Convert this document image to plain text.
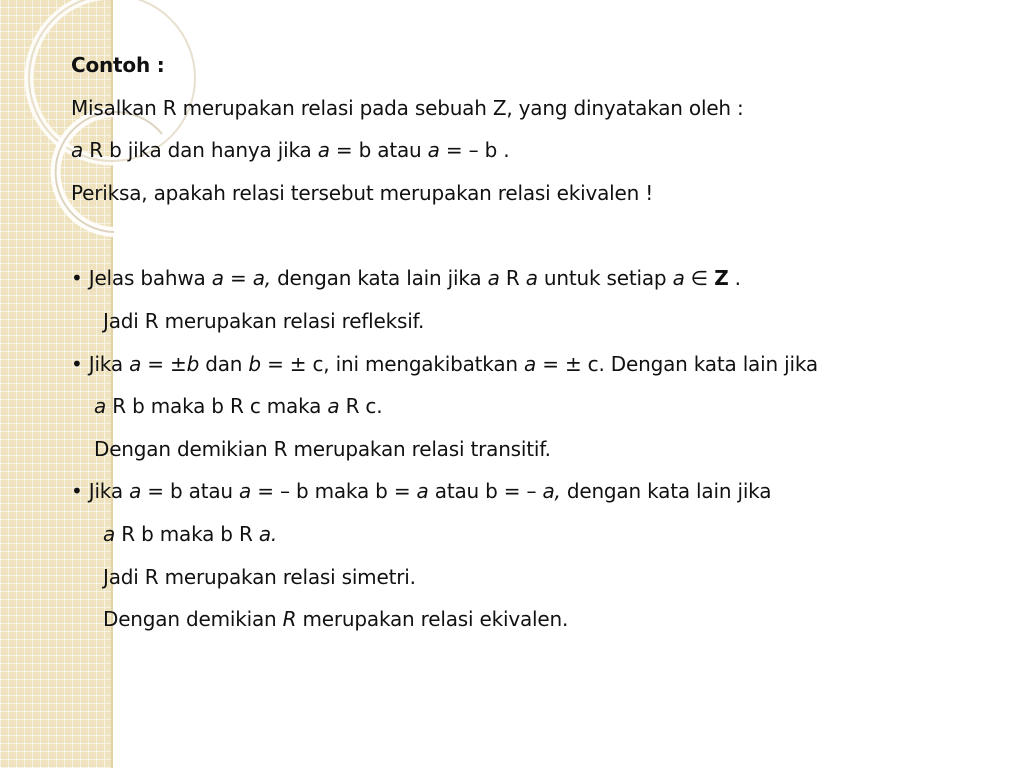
Contoh :
Misalkan R merupakan relasi pada sebuah Z, yang dinyatakan oleh :
a R b jika dan hanya jika a = b atau a = – b .
Periksa, apakah relasi tersebut merupakan relasi ekivalen !
• Jelas bahwa a = a, dengan kata lain jika a R a untuk setiap a ∈ Z .
Jadi R merupakan relasi refleksif.
• Jika a = ±b dan b = ± c, ini mengakibatkan a = ± c. Dengan kata lain jika
a R b maka b R c maka a R c.
Dengan demikian R merupakan relasi transitif.
• Jika a = b atau a = – b maka b = a atau b = – a, dengan kata lain jika
a R b maka b R a.
Jadi R merupakan relasi simetri.
Dengan demikian R merupakan relasi ekivalen.
